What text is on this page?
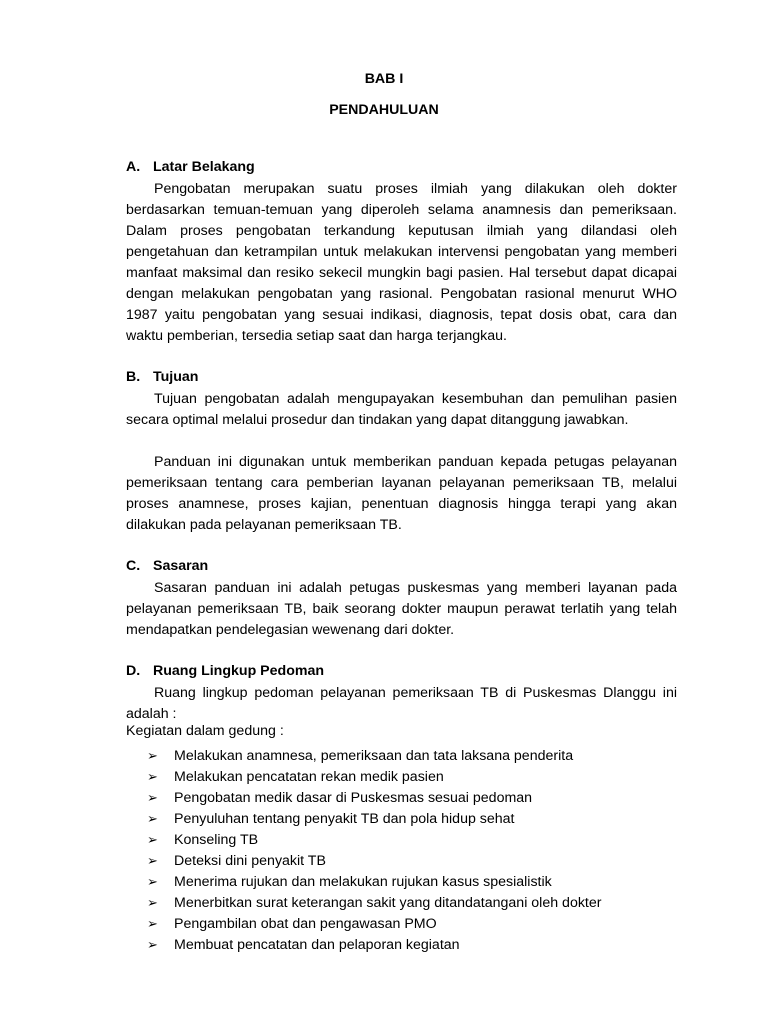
BAB I
PENDAHULUAN
A. Latar Belakang

Pengobatan merupakan suatu proses ilmiah yang dilakukan oleh dokter berdasarkan temuan-temuan yang diperoleh selama anamnesis dan pemeriksaan. Dalam proses pengobatan terkandung keputusan ilmiah yang dilandasi oleh pengetahuan dan ketrampilan untuk melakukan intervensi pengobatan yang memberi manfaat maksimal dan resiko sekecil mungkin bagi pasien. Hal tersebut dapat dicapai dengan melakukan pengobatan yang rasional. Pengobatan rasional menurut WHO 1987 yaitu pengobatan yang sesuai indikasi, diagnosis, tepat dosis obat, cara dan waktu pemberian, tersedia setiap saat dan harga terjangkau.

B. Tujuan

Tujuan pengobatan adalah mengupayakan kesembuhan dan pemulihan pasien secara optimal melalui prosedur dan tindakan yang dapat ditanggung jawabkan.

Panduan ini digunakan untuk memberikan panduan kepada petugas pelayanan pemeriksaan tentang cara pemberian layanan pelayanan pemeriksaan TB, melalui proses anamnese, proses kajian, penentuan diagnosis hingga terapi yang akan dilakukan pada pelayanan pemeriksaan TB.

C. Sasaran

Sasaran panduan ini adalah petugas puskesmas yang memberi layanan pada pelayanan pemeriksaan TB, baik seorang dokter maupun perawat terlatih yang telah mendapatkan pendelegasian wewenang dari dokter.

D. Ruang Lingkup Pedoman

Ruang lingkup pedoman pelayanan pemeriksaan TB di Puskesmas Dlanggu ini adalah :

Kegiatan dalam gedung :
➢ Melakukan anamnesa, pemeriksaan dan tata laksana penderita
➢ Melakukan pencatatan rekan medik pasien
➢ Pengobatan medik dasar di Puskesmas sesuai pedoman
➢ Penyuluhan tentang penyakit TB dan pola hidup sehat
➢ Konseling TB
➢ Deteksi dini penyakit TB
➢ Menerima rujukan dan melakukan rujukan kasus spesialistik
➢ Menerbitkan surat keterangan sakit yang ditandatangani oleh dokter
➢ Pengambilan obat dan pengawasan PMO
➢ Membuat pencatatan dan pelaporan kegiatan
